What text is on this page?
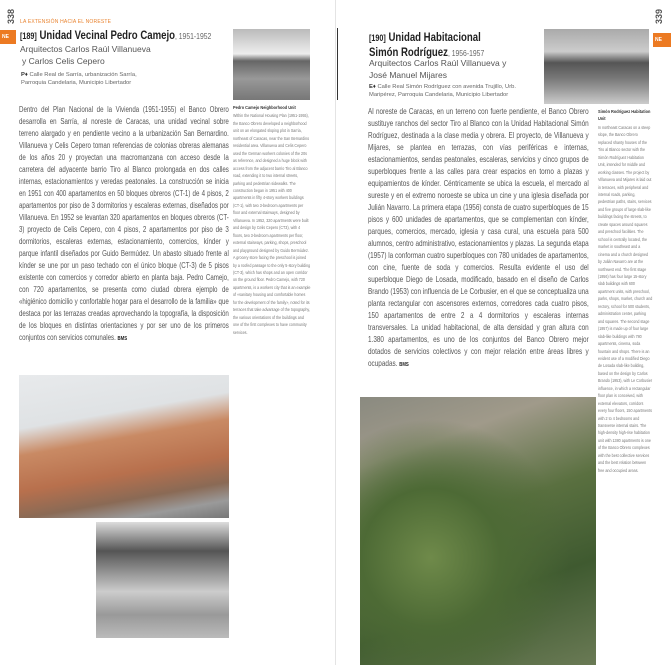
338 LA EXTENSIÓN HACIA EL NORESTE
NE	[189] Unidad Vecinal Pedro Camejo, 1951-1952
Arquitectos Carlos Raúl Villanueva
y Carlos Celis Cepero
P♦ Calle Real de Sarría, urbanización Sarría, Parroquia Candelaria, Municipio Libertador
Dentro del Plan Nacional de la Vivienda (1951-1955) el Banco Obrero desarrolla en Sarría, al noreste de Caracas, una unidad vecinal sobre terreno alargado y en pendiente vecino a la urbanización San Bernardino. Villanueva y Celis Cepero toman referencias de colonias obreras alemanas de los años 20 y proyectan una macromanzana con acceso desde la carretera del adyacente barrio Tiro al Blanco prolongada en dos calles internas, estacionamientos y veredas peatonales. La construcción se inicia en 1951 con 400 apartamentos en 50 bloques obreros (CT-1) de 4 pisos, 2 apartamentos por piso de 3 dormitorios y escaleras externas, diseñados por Villanueva. En 1952 se levantan 320 apartamentos en bloques obreros (CT-3) proyecto de Celis Cepero, con 4 pisos, 2 apartamentos por piso de 3 dormitorios, escaleras externas, estacionamiento, comercios, kínder y parque infantil diseñados por Guido Bermúdez. Un abasto situado frente al kínder se une por un paso techado con el único bloque (CT-3) de 5 pisos existente con comercios y corredor abierto en planta baja. Pedro Camejo, con 720 apartamentos, se presenta como ciudad obrera ejemplo de «higiénico domicilio y confortable hogar para el desarrollo de la familia» que destaca por las terrazas creadas aprovechando la topografía, la disposición de los bloques en distintas orientaciones y por ser uno de los primeros conjuntos con servicios comunales. BMS
Pedro Camejo Neighborhood Unit
Within the National Housing Plan (1951-1955), the Banco Obrero developed a neighborhood unit on an elongated sloping plot in Sarria, northeast of Caracas, near the San Bernardino residential area. Villanueva and Celis Cepero used the German workers colonies of the 20s as reference, and designed a huge block with access from the adjacent barrio Tiro al Blanco road, extending it to two internal streets, parking and pedestrian sidewalks. The construction began in 1951 with 400 apartments in fifty 4-story workers buildings (CT-1), with two 3-bedroom apartments per floor and external stairways, designed by Villanueva. In 1952, 320 apartments were built and design by Celis Cepero (CT3), with 4 floors, two 3-bedroom apartments per floor, external stairways, parking, shops, preschool and playground designed by Guido Bermúdez. A grocery store facing the preschool is joined by a roofed passage to the only 5-story building (CT-3), which has shops and an open corridor on the ground floor. Pedro Camejo, with 720 apartments, is a workers city that is an example of «sanitary housing and comfortable homes for the development of the family», noted for its terraces that take advantage of the topography, the various orientations of the buildings and one of the first complexes to have community services.
339
NE
[190] Unidad Habitacional
Simón Rodríguez, 1956-1957
Arquitectos Carlos Raúl Villanueva y
José Manuel Mijares
E♦ Calle Real Simón Rodríguez con avenida Trujillo, Urb. Maripérez, Parroquia Candelaria, Municipio Libertador
Al noreste de Caracas, en un terreno con fuerte pendiente, el Banco Obrero sustituye ranchos del sector Tiro al Blanco con la Unidad Habitacional Simón Rodríguez, destinada a la clase media y obrera. El proyecto, de Villanueva y Mijares, se plantea en terrazas, con vías periféricas e internas, estacionamientos, sendas peatonales, escaleras, servicios y cinco grupos de superbloques frente a las calles para crear espacios en torno a plazas y equipamientos de kínder. Céntricamente se ubica la escuela, el mercado al sureste y en el extremo noroeste se ubica un cine y una iglesia diseñada por Julián Navarro. La primera etapa (1956) consta de cuatro superbloques de 15 pisos y 600 unidades de apartamentos, que se complementan con kínder, parques, comercios, mercado, iglesia y casa cural, una escuela para 500 alumnos, centro administrativo, estacionamientos y plazas. La segunda etapa (1957) la conforman cuatro superbloques con 780 unidades de apartamentos, con cine, fuente de soda y comercios. Resulta evidente el uso del superbloque Diego de Losada, modificado, basado en el diseño de Carlos Brando (1953) con influencia de Le Corbusier, en el que se conceptualiza una planta rectangular con ascensores externos, corredores cada cuatro pisos, 150 apartamentos de entre 2 a 4 dormitorios y escaleras internas transversales. La unidad habitacional, de alta densidad y gran altura con 1.380 apartamentos, es uno de los conjuntos del Banco Obrero mejor dotados de servicios colectivos y con mejor relación entre áreas libres y ocupadas. BMS
Simón Rodríguez Habitation Unit
In northeast Caracas on a steep slope, the Banco Obrero replaced shanty houses of the Tiro al Blanco sector with the Simón Rodríguez Habitation Unit, intended for middle and working classes. The project by Villanueva and Mijares is laid out in terraces, with peripheral and internal roads, parking, pedestrian paths, stairs, services and five groups of large slab-like buildings facing the streets, to create spaces around squares and preschool facilities. The school is centrally located, the market in southeast and a cinema and a church designed by Julián Navarro are at the northwest end. The first stage (1956) has four large 15-story slab buildings with 600 apartment units, with preschool, parks, shops, market, church and rectory, school for 500 students, administration center, parking and squares. The second stage (1957) is made up of four large slab-like buildings with 780 apartments, cinema, soda fountain and shops. There is an evident use of a modified Diego de Losada slab-like building, based on the design by Carlos Brando (1953), with Le Corbusier influence, in which a rectangular floor plan is conceived, with external elevators, corridors every four floors, 150 apartments with 2 to 4 bedrooms and transverse internal stairs. The high-density high-rise habitation unit with 1380 apartments is one of the Banco Obrero complexes with the best collective services and the best relation between free and occupied areas.
